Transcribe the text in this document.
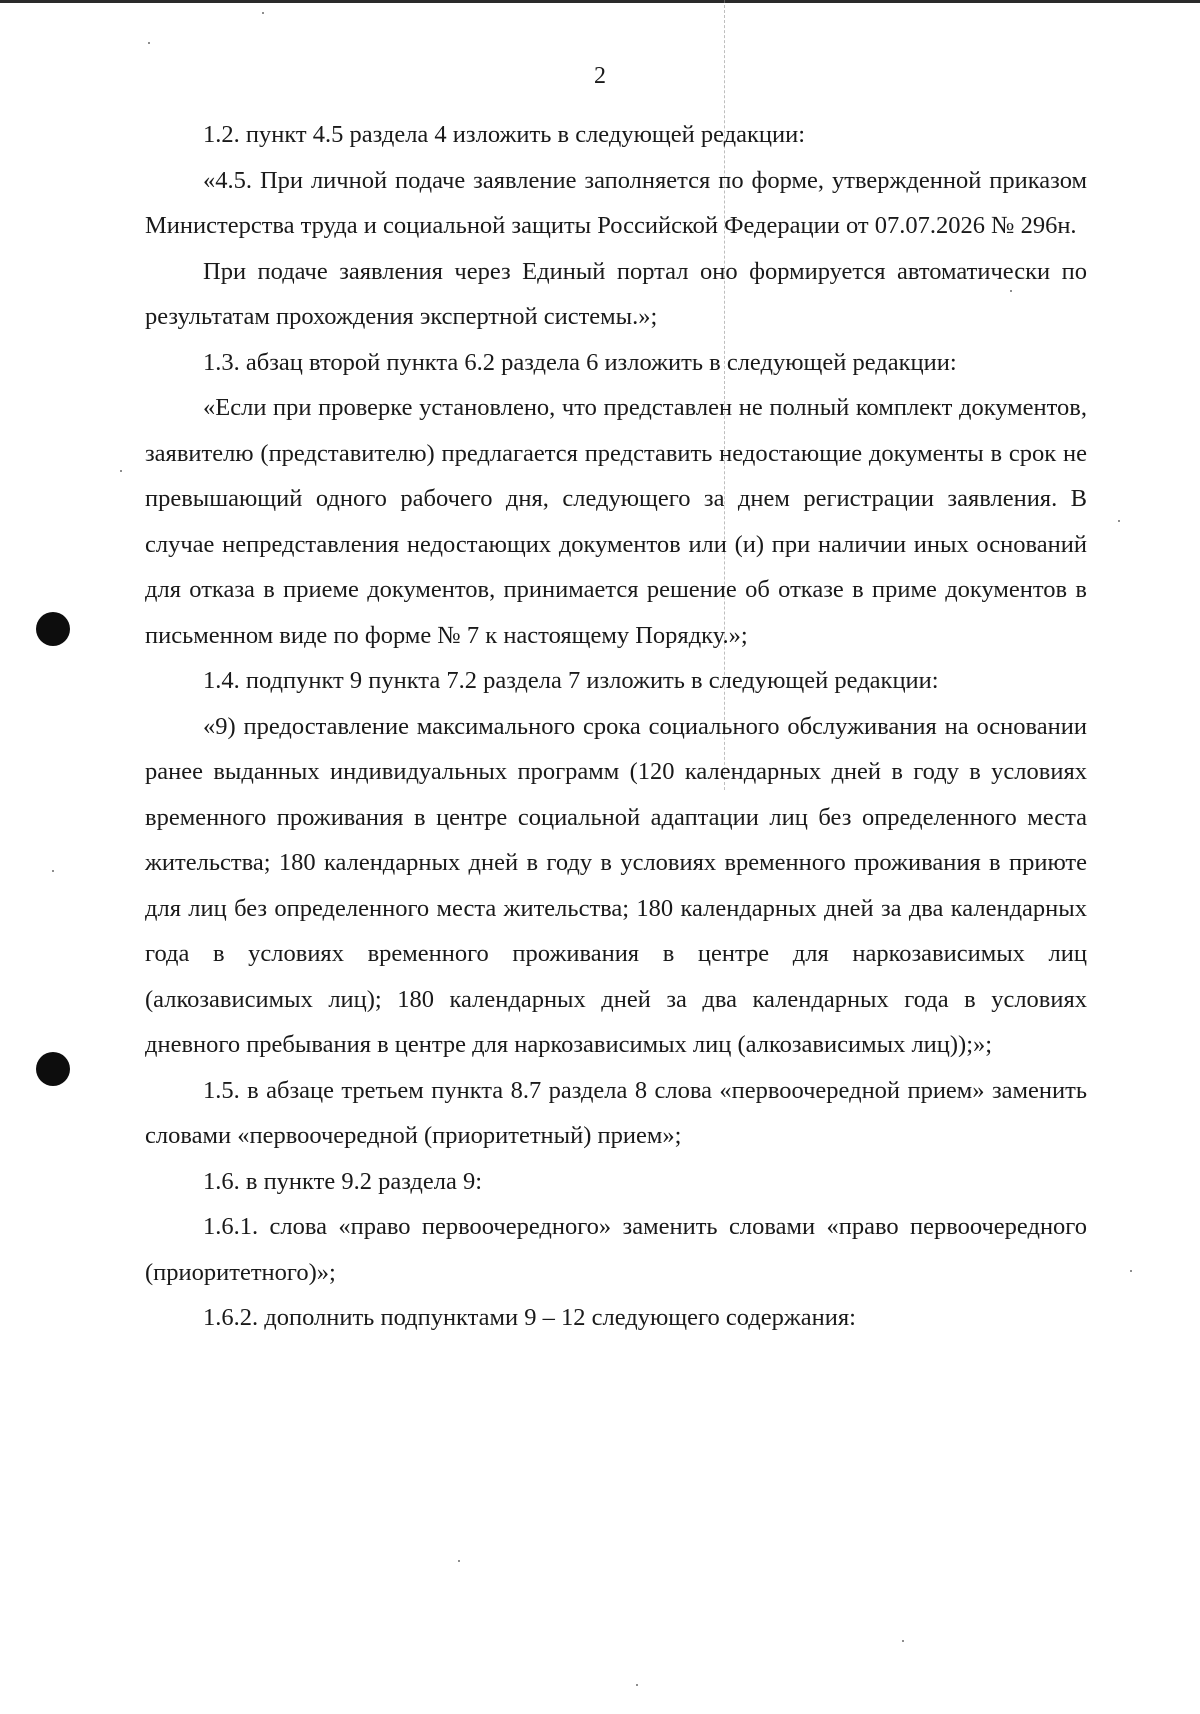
2

1.2. пункт 4.5 раздела 4 изложить в следующей редакции:

«4.5. При личной подаче заявление заполняется по форме, утвержденной приказом Министерства труда и социальной защиты Российской Федерации от 07.07.2026 № 296н.

При подаче заявления через Единый портал оно формируется автоматически по результатам прохождения экспертной системы.»;

1.3. абзац второй пункта 6.2 раздела 6 изложить в следующей редакции:

«Если при проверке установлено, что представлен не полный комплект документов, заявителю (представителю) предлагается представить недостающие документы в срок не превышающий одного рабочего дня, следующего за днем регистрации заявления. В случае непредставления недостающих документов или (и) при наличии иных оснований для отказа в приеме документов, принимается решение об отказе в приме документов в письменном виде по форме № 7 к настоящему Порядку.»;

1.4. подпункт 9 пункта 7.2 раздела 7 изложить в следующей редакции:

«9) предоставление максимального срока социального обслуживания на основании ранее выданных индивидуальных программ (120 календарных дней в году в условиях временного проживания в центре социальной адаптации лиц без определенного места жительства; 180 календарных дней в году в условиях временного проживания в приюте для лиц без определенного места жительства; 180 календарных дней за два календарных года в условиях временного проживания в центре для наркозависимых лиц (алкозависимых лиц); 180 календарных дней за два календарных года в условиях дневного пребывания в центре для наркозависимых лиц (алкозависимых лиц));»;

1.5. в абзаце третьем пункта 8.7 раздела 8 слова «первоочередной прием» заменить словами «первоочередной (приоритетный) прием»;

1.6. в пункте 9.2 раздела 9:

1.6.1. слова «право первоочередного» заменить словами «право первоочередного (приоритетного)»;

1.6.2. дополнить подпунктами 9 – 12 следующего содержания:
